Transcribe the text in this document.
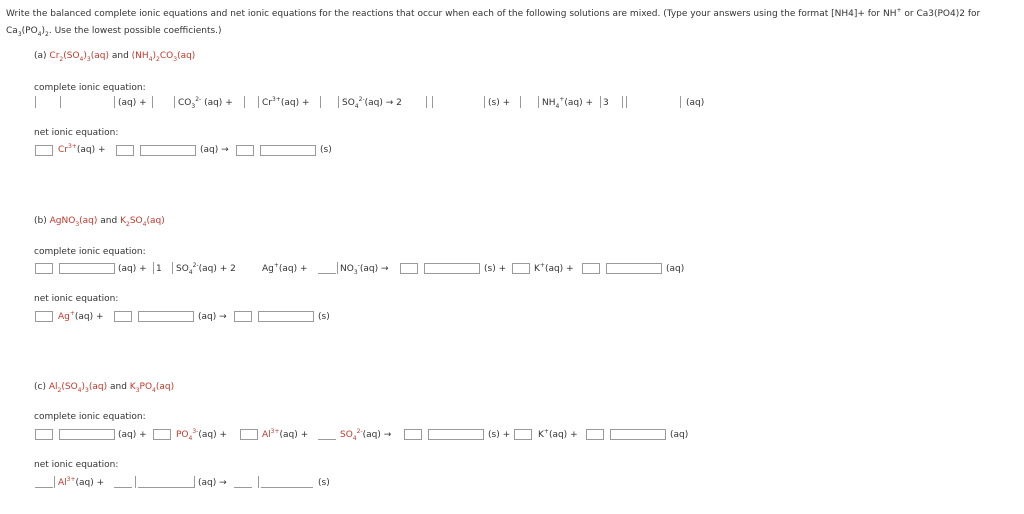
Write the balanced complete ionic equations and net ionic equations for the reactions that occur when each of the following solutions are mixed. (Type your answers using the format [NH4]+ for NH+ or Ca3(PO4)2 for
$Ca_3(PO_4)_2$. Use the lowest possible coefficients.)
(a) $Cr_2(SO_4)_3(aq)$ and $(NH_4)_2CO_3(aq)$
complete ionic equation:
(aq) +	$CO_3^{2-}$ (aq) +	$Cr^{3+}(aq)$ +	$SO_4^{2-}(aq) \to 2$	(s) +	$NH_4^+(aq) + 3$	(aq)
net ionic equation:
$Cr^{3+}(aq)$ +	(aq) →	(s)
(b) AgNO$_3$(aq) and $K_2SO_4(aq)$
complete ionic equation:
(aq) + 1 $SO_4^{2-}(aq) + 2$	Ag+(aq) +	$NO_3^-(aq)$ →	(s) +	K+(aq) +	(aq)
net ionic equation:
Ag+(aq) +	(aq) →	(s)
(c) $Al_2(SO_4)_3(aq)$ and $K_3PO_4(aq)$
complete ionic equation:
(aq) +	$PO_4^{3-}(aq)$ +	$Al^{3+}(aq)$ +	$SO_4^{2-}(aq)$ →	(s) +	K+(aq) +	(aq)
net ionic equation:
$Al^{3+}(aq)$ +	(aq) →	(s)
